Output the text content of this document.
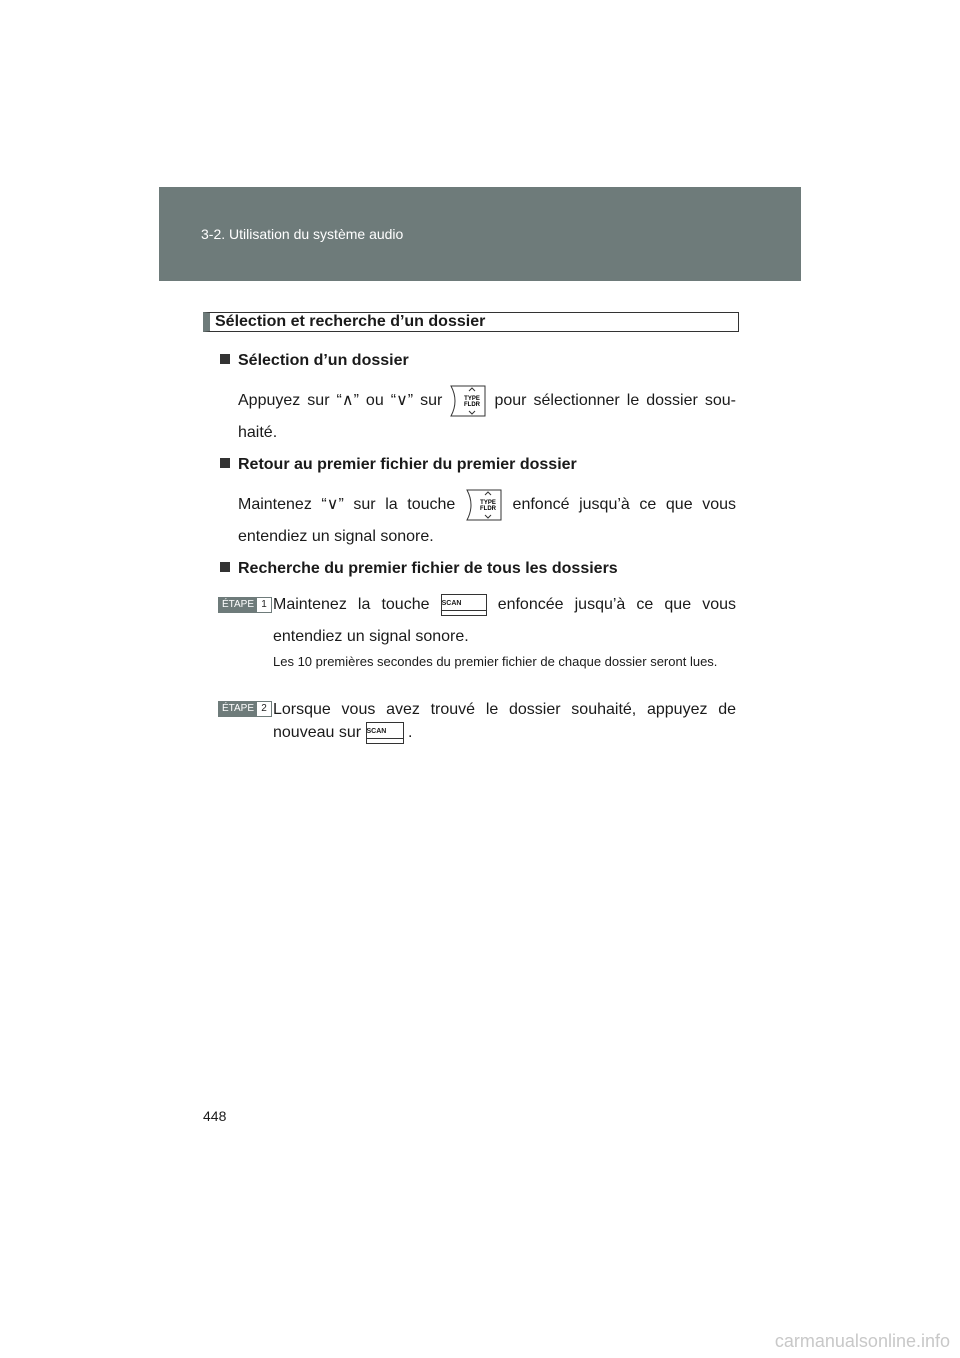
3-2. Utilisation du système audio
Sélection et recherche d’un dossier
Sélection d’un dossier
Appuyez sur “∧” ou “∨” sur	TYPE
FLDR pour sélectionner le dossier sou-
haité.
Retour au premier fichier du premier dossier
Maintenez “∨” sur la touche	TYPE
FLDR enfoncé jusqu’à ce que vous
entendiez un signal sonore.
Recherche du premier fichier de tous les dossiers
ÉTAPE 1 Maintenez la touche SCAN enfoncée jusqu’à ce que vous
entendiez un signal sonore.
Les 10 premières secondes du premier fichier de chaque dossier seront lues.
ÉTAPE 2 Lorsque vous avez trouvé le dossier souhaité, appuyez de
nouveau sur SCAN .
448
carmanualsonline.info
